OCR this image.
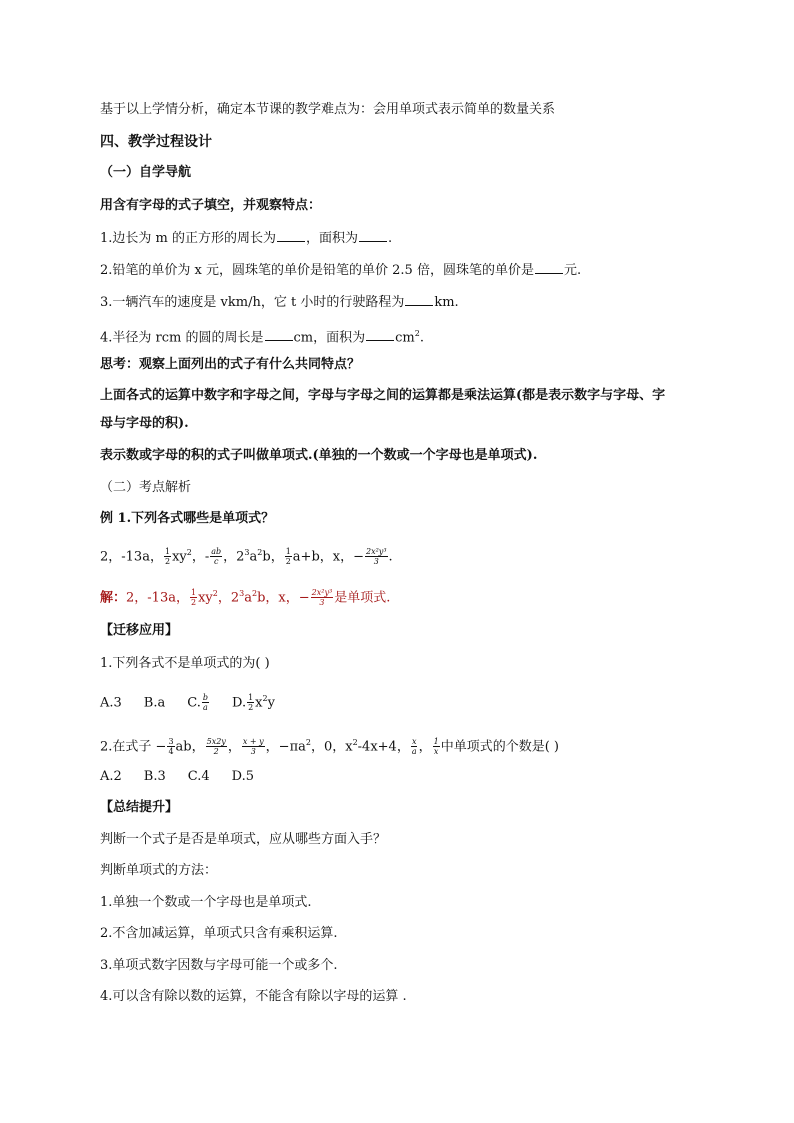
基于以上学情分析，确定本节课的教学难点为：会用单项式表示简单的数量关系
四、教学过程设计
（一）自学导航
用含有字母的式子填空，并观察特点：
1.边长为 m 的正方形的周长为 ，面积为 .
2.铅笔的单价为 x 元，圆珠笔的单价是铅笔的单价 2.5 倍，圆珠笔的单价是 元.
3.一辆汽车的速度是 vkm/h，它 t 小时的行驶路程为 km.
4.半径为 rcm 的圆的周长是 cm，面积为 $cm^2$.
思考：观察上面列出的式子有什么共同特点？
上面各式的运算中数字和字母之间，字母与字母之间的运算都是乘法运算(都是表示数字与字母、字
母与字母的积).
表示数或字母的积的式子叫做单项式.(单独的一个数或一个字母也是单项式).
（二）考点解析
例 1.下列各式哪些是单项式？
2，-13a， $\frac{1}{2} xy^2$，- $\frac{ab}{c}$ ，$2^3a^2b$， $\frac{1}{2} a+b$，x，− $\frac{\text{2x²y³}}{3}$ .
解：2，-13a， $\frac{1}{2} xy^2$，$2^3a^2b$，x，− $\frac{\text{2x²y³}}{3}$ 是单项式.
【迁移应用】
1.下列各式不是单项式的为( )
A.3 B.a C. $\frac{b}{a} D$. $\frac{1}{2} x^2y$
2.在式子 − $\frac{3}{4}$ ab， $\frac{5x2y}{2}$ ， $\frac{x + y}{3}$ ，$-\pi a^2$，0，$x^2-4x+4$， $\frac{x}{a}$ ， $\frac{1}{x}$ 中单项式的个数是( )
A.2 B.3 C.4 D.5
【总结提升】
判断一个式子是否是单项式，应从哪些方面入手？
判断单项式的方法：
1.单独一个数或一个字母也是单项式.
2.不含加减运算，单项式只含有乘积运算.
3.单项式数字因数与字母可能一个或多个.
4.可以含有除以数的运算，不能含有除以字母的运算 .
